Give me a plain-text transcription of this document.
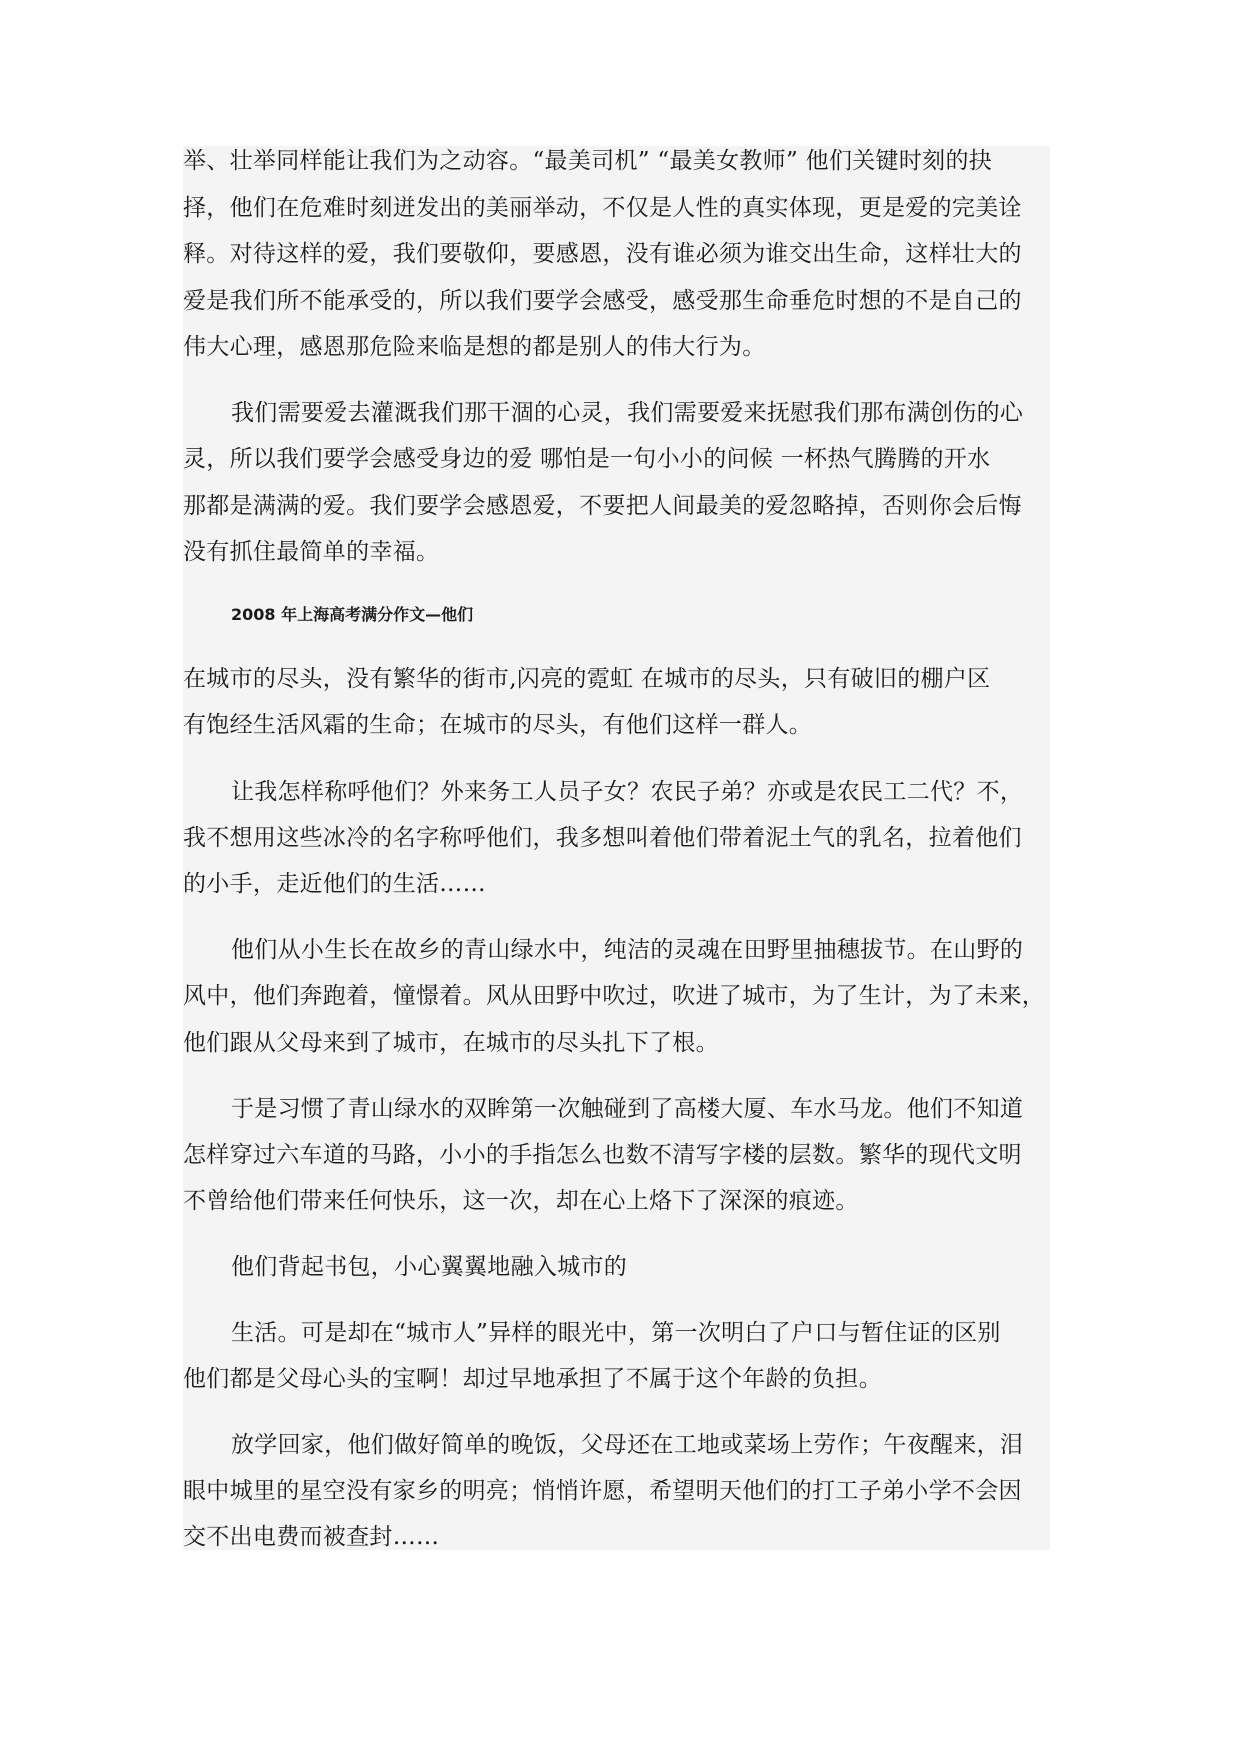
举、壮举同样能让我们为之动容。“最美司机” “最美女教师” 他们关键时刻的抉
择，他们在危难时刻迸发出的美丽举动，不仅是人性的真实体现，更是爱的完美诠
释。对待这样的爱，我们要敬仰，要感恩，没有谁必须为谁交出生命，这样壮大的
爱是我们所不能承受的，所以我们要学会感受，感受那生命垂危时想的不是自己的
伟大心理，感恩那危险来临是想的都是别人的伟大行为。
我们需要爱去灌溉我们那干涸的心灵，我们需要爱来抚慰我们那布满创伤的心
灵，所以我们要学会感受身边的爱 哪怕是一句小小的问候 一杯热气腾腾的开水
那都是满满的爱。我们要学会感恩爱，不要把人间最美的爱忽略掉，否则你会后悔
没有抓住最简单的幸福。
2008 年上海高考满分作文—他们
在城市的尽头，没有繁华的街市,闪亮的霓虹 在城市的尽头，只有破旧的棚户区
有饱经生活风霜的生命；在城市的尽头，有他们这样一群人。
让我怎样称呼他们？外来务工人员子女？农民子弟？亦或是农民工二代？不，
我不想用这些冰冷的名字称呼他们，我多想叫着他们带着泥土气的乳名，拉着他们
的小手，走近他们的生活……
他们从小生长在故乡的青山绿水中，纯洁的灵魂在田野里抽穗拔节。在山野的
风中，他们奔跑着，憧憬着。风从田野中吹过，吹进了城市，为了生计，为了未来，
他们跟从父母来到了城市，在城市的尽头扎下了根。
于是习惯了青山绿水的双眸第一次触碰到了高楼大厦、车水马龙。他们不知道
怎样穿过六车道的马路，小小的手指怎么也数不清写字楼的层数。繁华的现代文明
不曾给他们带来任何快乐，这一次，却在心上烙下了深深的痕迹。
他们背起书包，小心翼翼地融入城市的
生活。可是却在“城市人”异样的眼光中，第一次明白了户口与暂住证的区别
他们都是父母心头的宝啊！却过早地承担了不属于这个年龄的负担。
放学回家，他们做好简单的晚饭，父母还在工地或菜场上劳作；午夜醒来，泪
眼中城里的星空没有家乡的明亮；悄悄许愿，希望明天他们的打工子弟小学不会因
交不出电费而被查封……
